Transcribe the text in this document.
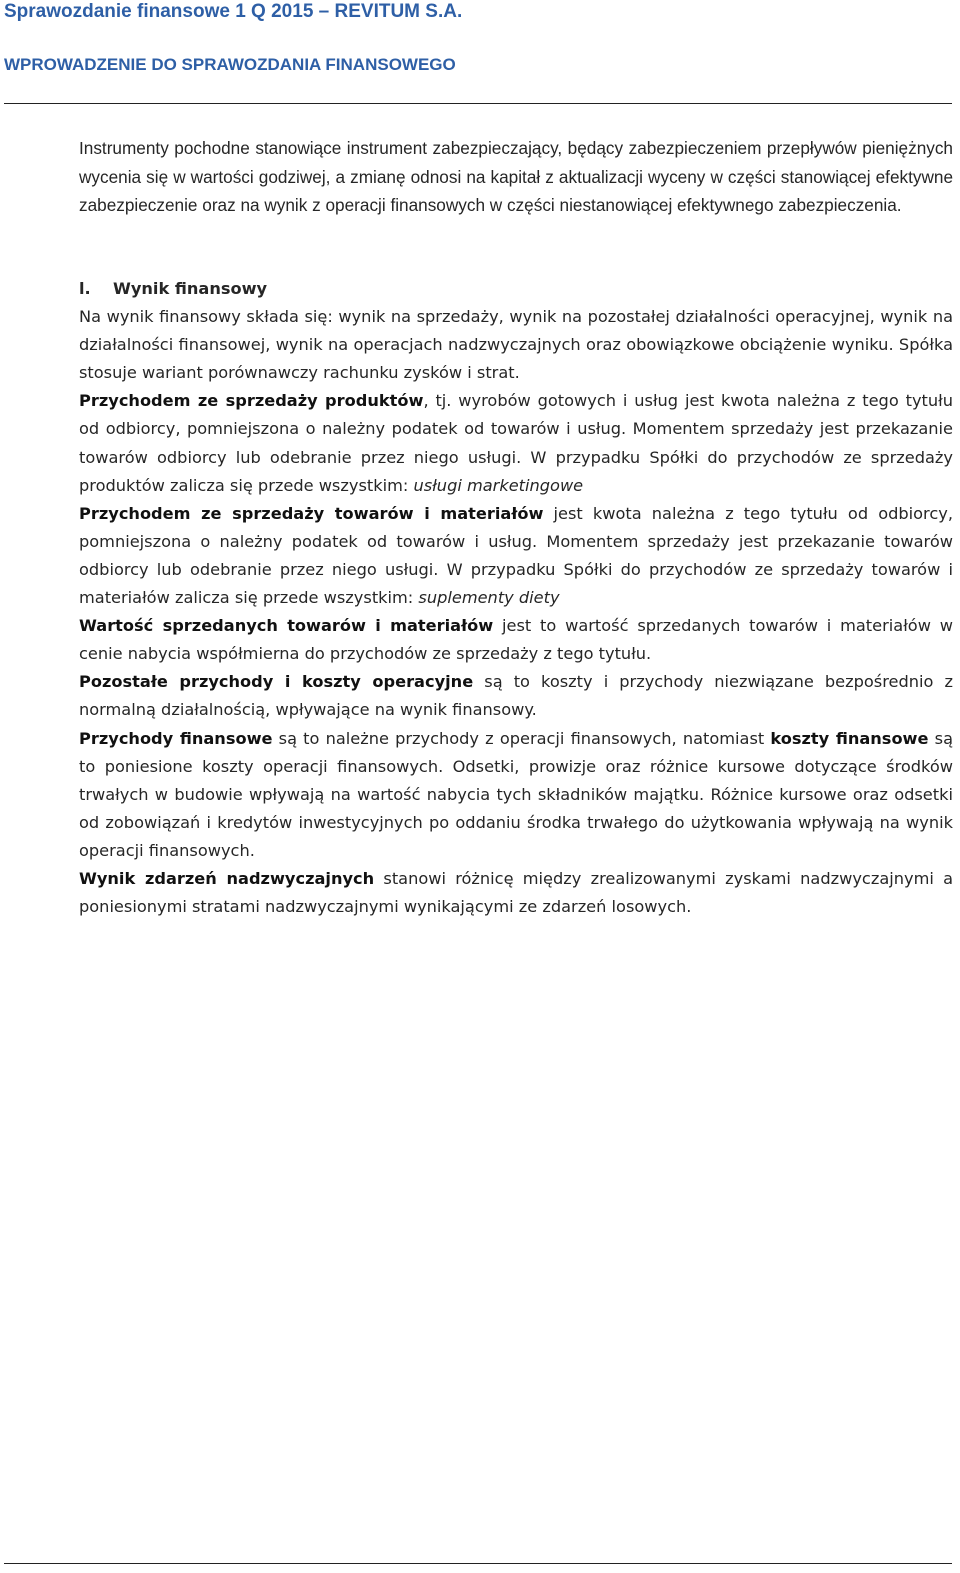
Sprawozdanie finansowe 1 Q 2015 – REVITUM S.A.
WPROWADZENIE DO SPRAWOZDANIA FINANSOWEGO

Instrumenty pochodne stanowiące instrument zabezpieczający, będący zabezpieczeniem przepływów pieniężnych wycenia się w wartości godziwej, a zmianę odnosi na kapitał z aktualizacji wyceny w części stanowiącej efektywne zabezpieczenie oraz na wynik z operacji finansowych w części niestanowiącej efektywnego zabezpieczenia.

l. Wynik finansowy

Na wynik finansowy składa się: wynik na sprzedaży, wynik na pozostałej działalności operacyjnej, wynik na działalności finansowej, wynik na operacjach nadzwyczajnych oraz obowiązkowe obciążenie wyniku. Spółka stosuje wariant porównawczy rachunku zysków i strat.

Przychodem ze sprzedaży produktów, tj. wyrobów gotowych i usług jest kwota należna z tego tytułu od odbiorcy, pomniejszona o należny podatek od towarów i usług. Momentem sprzedaży jest przekazanie towarów odbiorcy lub odebranie przez niego usługi. W przypadku Spółki do przychodów ze sprzedaży produktów zalicza się przede wszystkim: usługi marketingowe

Przychodem ze sprzedaży towarów i materiałów jest kwota należna z tego tytułu od odbiorcy, pomniejszona o należny podatek od towarów i usług. Momentem sprzedaży jest przekazanie towarów odbiorcy lub odebranie przez niego usługi. W przypadku Spółki do przychodów ze sprzedaży towarów i materiałów zalicza się przede wszystkim: suplementy diety

Wartość sprzedanych towarów i materiałów jest to wartość sprzedanych towarów i materiałów w cenie nabycia współmierna do przychodów ze sprzedaży z tego tytułu.

Pozostałe przychody i koszty operacyjne są to koszty i przychody niezwiązane bezpośrednio z normalną działalnością, wpływające na wynik finansowy.

Przychody finansowe są to należne przychody z operacji finansowych, natomiast koszty finansowe są to poniesione koszty operacji finansowych. Odsetki, prowizje oraz różnice kursowe dotyczące środków trwałych w budowie wpływają na wartość nabycia tych składników majątku. Różnice kursowe oraz odsetki od zobowiązań i kredytów inwestycyjnych po oddaniu środka trwałego do użytkowania wpływają na wynik operacji finansowych.

Wynik zdarzeń nadzwyczajnych stanowi różnicę między zrealizowanymi zyskami nadzwyczajnymi a poniesionymi stratami nadzwyczajnymi wynikającymi ze zdarzeń losowych.
